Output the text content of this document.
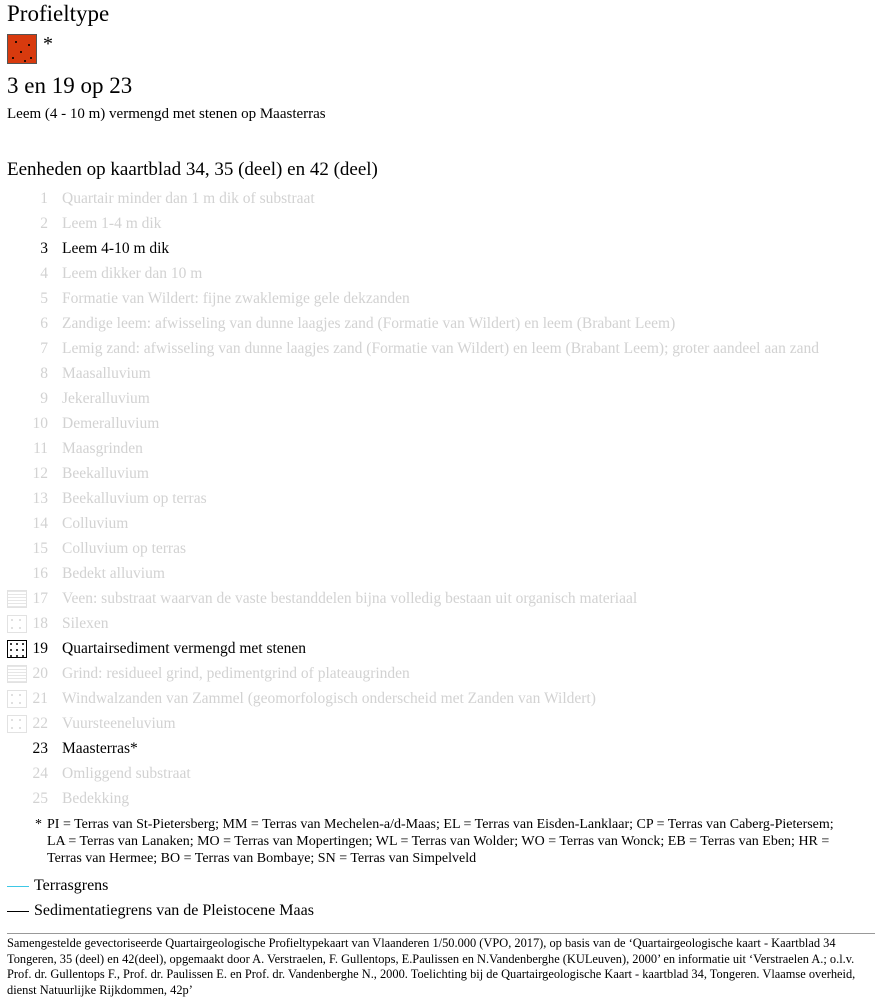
Profieltype
*
3 en 19 op 23
Leem (4 - 10 m) vermengd met stenen op Maasterras
Eenheden op kaartblad 34, 35 (deel) en 42 (deel)
1 Quartair minder dan 1 m dik of substraat
2 Leem 1-4 m dik
3 Leem 4-10 m dik
4 Leem dikker dan 10 m
5 Formatie van Wildert: fijne zwaklemige gele dekzanden
6 Zandige leem: afwisseling van dunne laagjes zand (Formatie van Wildert) en leem (Brabant Leem)
7 Lemig zand: afwisseling van dunne laagjes zand (Formatie van Wildert) en leem (Brabant Leem); groter aandeel aan zand
8 Maasalluvium
9 Jekeralluvium
10 Demeralluvium
11 Maasgrinden
12 Beekalluvium
13 Beekalluvium op terras
14 Colluvium
15 Colluvium op terras
16 Bedekt alluvium
17 Veen: substraat waarvan de vaste bestanddelen bijna volledig bestaan uit organisch materiaal
18 Silexen
19 Quartairsediment vermengd met stenen
20 Grind: residueel grind, pedimentgrind of plateaugrinden
21 Windwalzanden van Zammel (geomorfologisch onderscheid met Zanden van Wildert)
22 Vuursteeneluvium
23 Maasterras*
24 Omliggend substraat
25 Bedekking
* PI = Terras van St-Pietersberg; MM = Terras van Mechelen-a/d-Maas; EL = Terras van Eisden-Lanklaar; CP = Terras van Caberg-Pietersem; LA = Terras van Lanaken; MO = Terras van Mopertingen; WL = Terras van Wolder; WO = Terras van Wonck; EB = Terras van Eben; HR = Terras van Hermee; BO = Terras van Bombaye; SN = Terras van Simpelveld
Terrasgrens
Sedimentatiegrens van de Pleistocene Maas
Samengestelde gevectoriseerde Quartairgeologische Profieltypekaart van Vlaanderen 1/50.000 (VPO, 2017), op basis van de ‘Quartairgeologische kaart - Kaartblad 34 Tongeren, 35 (deel) en 42(deel), opgemaakt door A. Verstraelen, F. Gullentops, E.Paulissen en N.Vandenberghe (KULeuven), 2000’ en informatie uit ‘Verstraelen A.; o.l.v. Prof. dr. Gullentops F., Prof. dr. Paulissen E. en Prof. dr. Vandenberghe N., 2000. Toelichting bij de Quartairgeologische Kaart - kaartblad 34, Tongeren. Vlaamse overheid, dienst Natuurlijke Rijkdommen, 42p’
